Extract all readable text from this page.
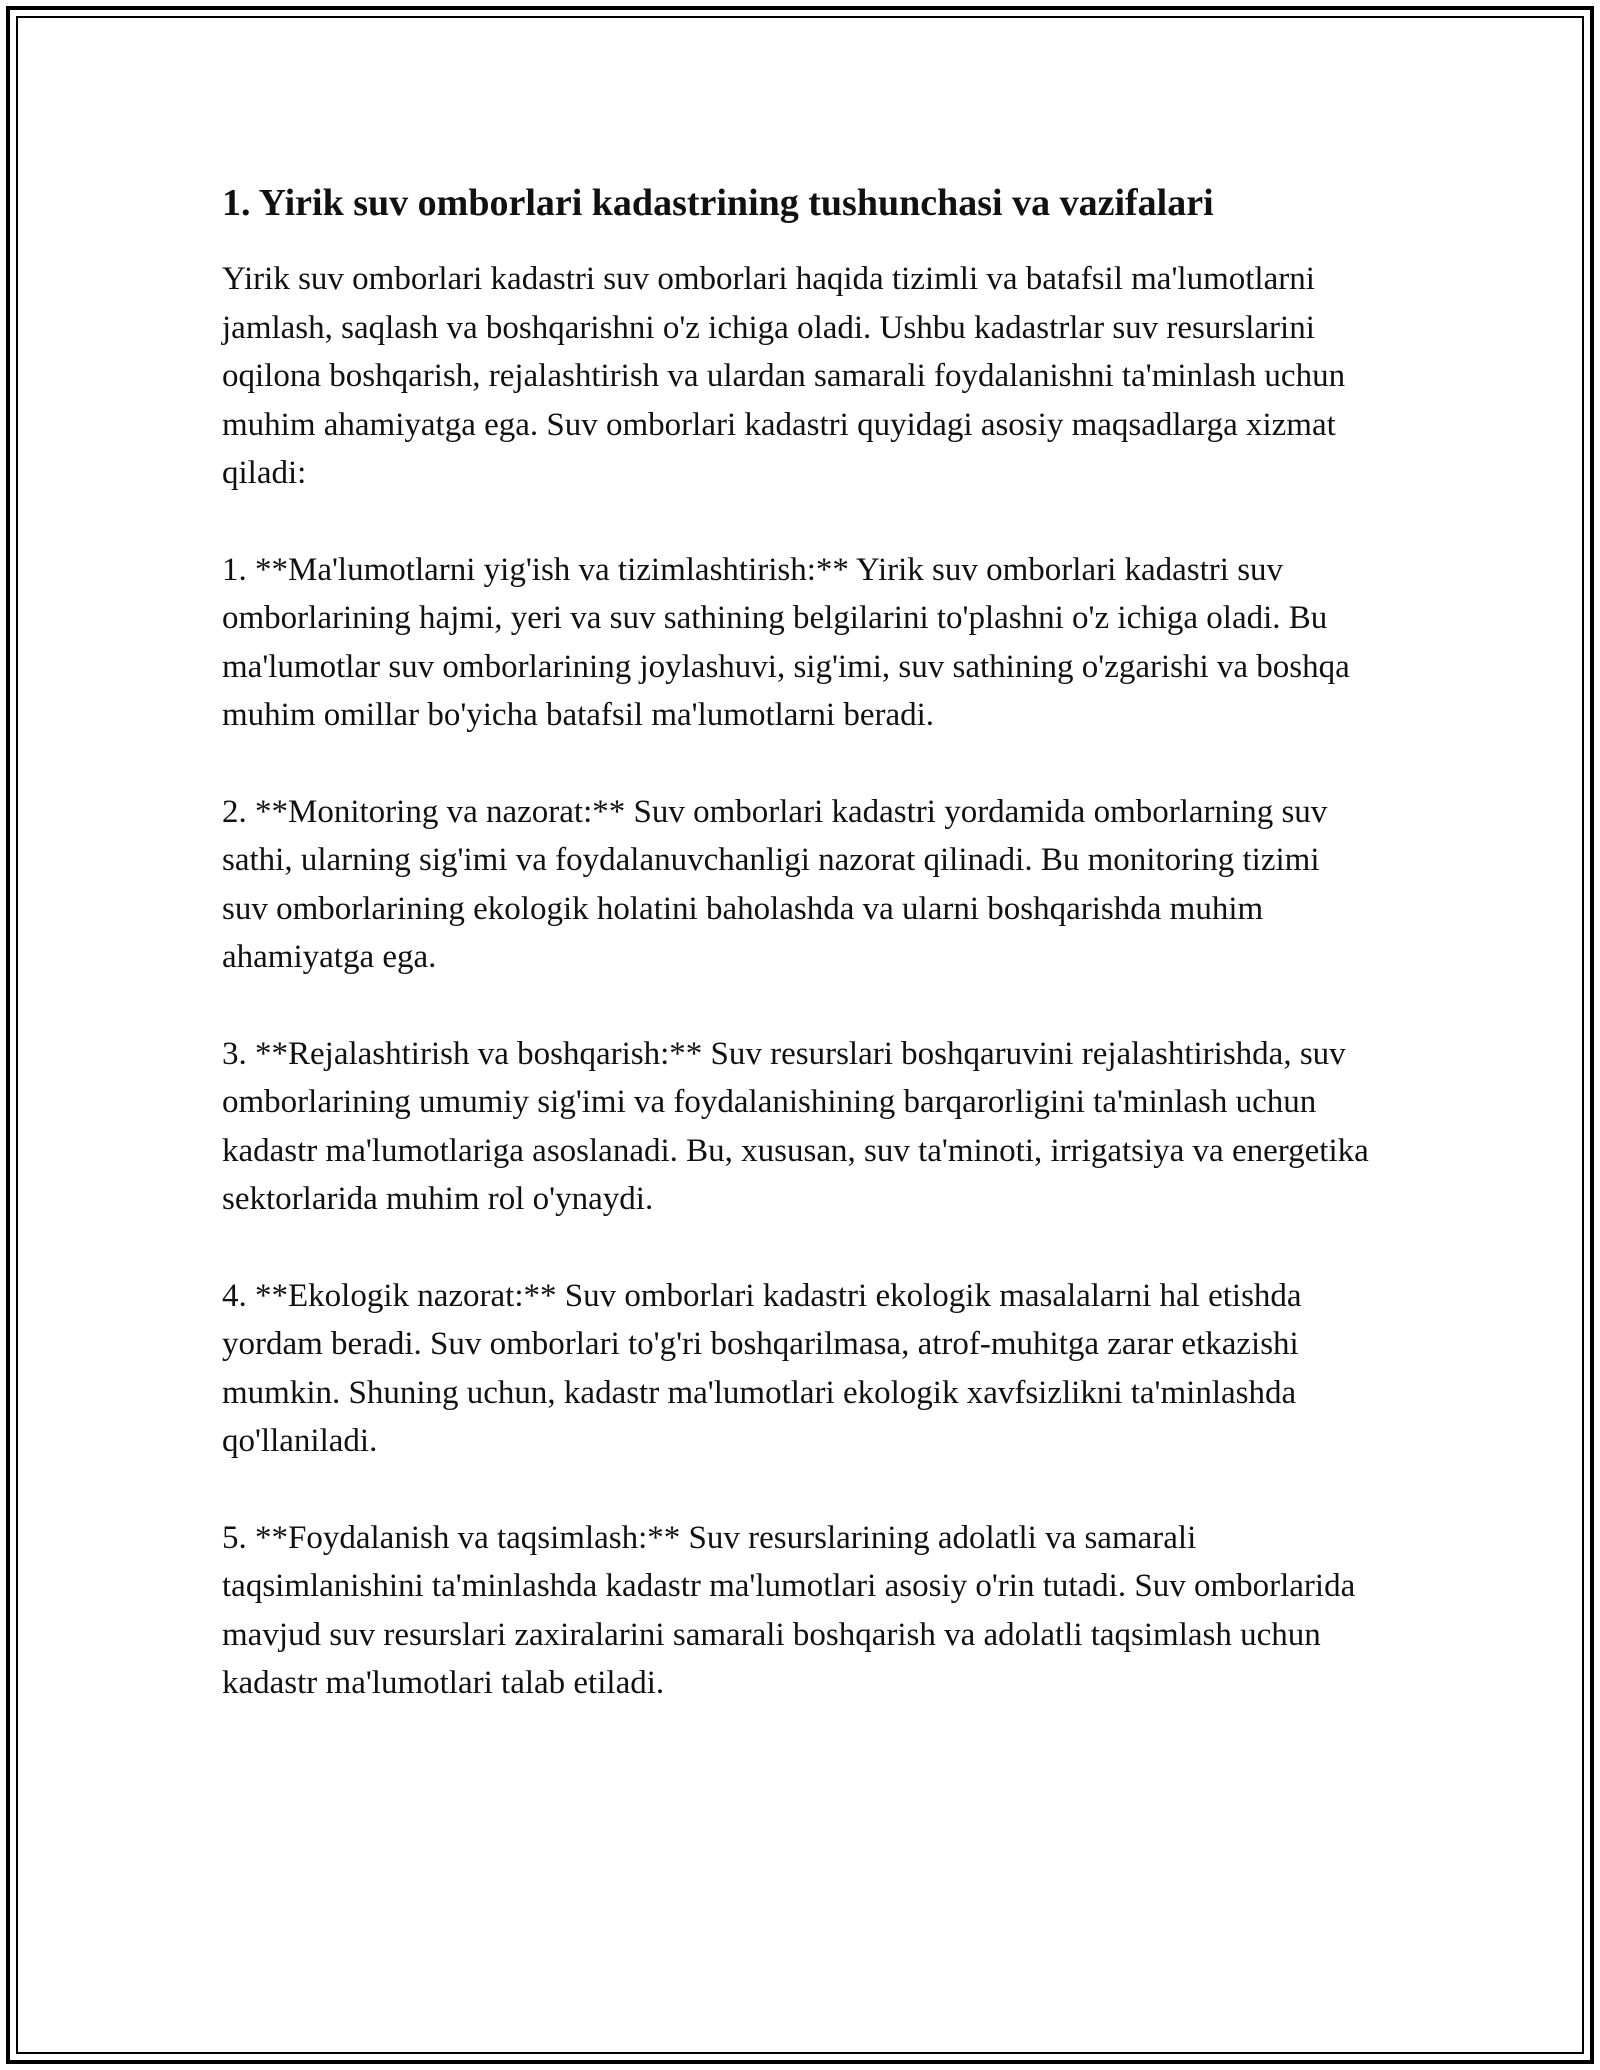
1. Yirik suv omborlari kadastrining tushunchasi va vazifalari

Yirik suv omborlari kadastri suv omborlari haqida tizimli va batafsil ma'lumotlarni jamlash, saqlash va boshqarishni o'z ichiga oladi. Ushbu kadastrlar suv resurslarini oqilona boshqarish, rejalashtirish va ulardan samarali foydalanishni ta'minlash uchun muhim ahamiyatga ega. Suv omborlari kadastri quyidagi asosiy maqsadlarga xizmat qiladi:

1. **Ma'lumotlarni yig'ish va tizimlashtirish:** Yirik suv omborlari kadastri suv omborlarining hajmi, yeri va suv sathining belgilarini to'plashni o'z ichiga oladi. Bu ma'lumotlar suv omborlarining joylashuvi, sig'imi, suv sathining o'zgarishi va boshqa muhim omillar bo'yicha batafsil ma'lumotlarni beradi.

2. **Monitoring va nazorat:** Suv omborlari kadastri yordamida omborlarning suv sathi, ularning sig'imi va foydalanuvchanligi nazorat qilinadi. Bu monitoring tizimi suv omborlarining ekologik holatini baholashda va ularni boshqarishda muhim ahamiyatga ega.

3. **Rejalashtirish va boshqarish:** Suv resurslari boshqaruvini rejalashtirishda, suv omborlarining umumiy sig'imi va foydalanishining barqarorligini ta'minlash uchun kadastr ma'lumotlariga asoslanadi. Bu, xususan, suv ta'minoti, irrigatsiya va energetika sektorlarida muhim rol o'ynaydi.

4. **Ekologik nazorat:** Suv omborlari kadastri ekologik masalalarni hal etishda yordam beradi. Suv omborlari to'g'ri boshqarilmasa, atrof-muhitga zarar etkazishi mumkin. Shuning uchun, kadastr ma'lumotlari ekologik xavfsizlikni ta'minlashda qo'llaniladi.

5. **Foydalanish va taqsimlash:** Suv resurslarining adolatli va samarali taqsimlanishini ta'minlashda kadastr ma'lumotlari asosiy o'rin tutadi. Suv omborlarida mavjud suv resurslari zaxiralarini samarali boshqarish va adolatli taqsimlash uchun kadastr ma'lumotlari talab etiladi.
